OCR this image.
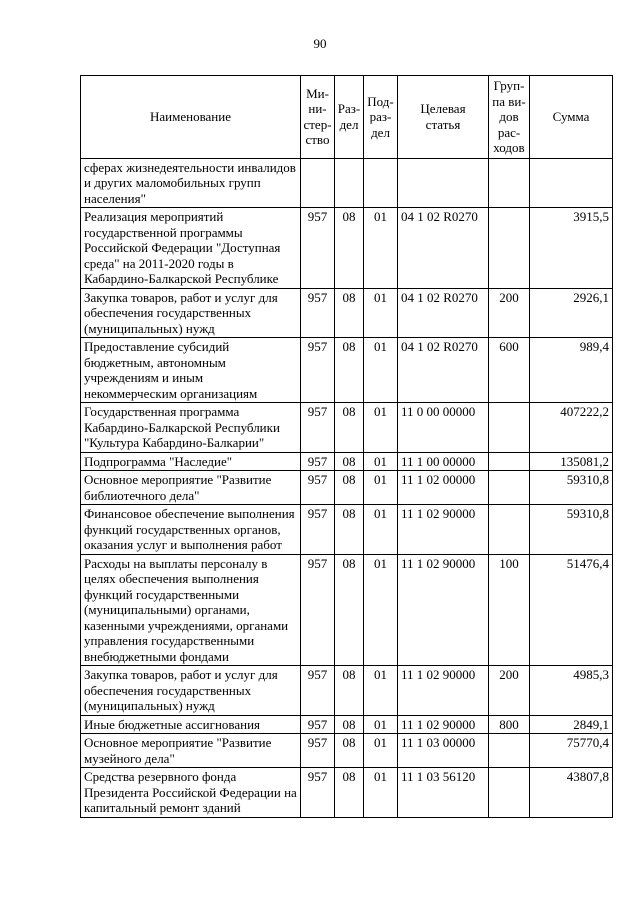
90
Наименование	Ми-
ни-
стер-
ство	Раз-
дел	Под-
раз-
дел	Целевая
статья	Груп-
па ви-
дов
рас-
ходов	Сумма
сферах жизнедеятельности инвалидов и других маломобильных групп населения"						
Реализация мероприятий государственной программы Российской Федерации "Доступная среда" на 2011-2020 годы в Кабардино-Балкарской Республике	957	08	01	04 1 02 R0270		3915,5
Закупка товаров, работ и услуг для обеспечения государственных (муниципальных) нужд	957	08	01	04 1 02 R0270	200	2926,1
Предоставление субсидий бюджетным, автономным учреждениям и иным некоммерческим организациям	957	08	01	04 1 02 R0270	600	989,4
Государственная программа Кабардино-Балкарской Республики "Культура Кабардино-Балкарии"	957	08	01	11 0 00 00000		407222,2
Подпрограмма "Наследие"	957	08	01	11 1 00 00000		135081,2
Основное мероприятие "Развитие библиотечного дела"	957	08	01	11 1 02 00000		59310,8
Финансовое обеспечение выполнения функций государственных органов, оказания услуг и выполнения работ	957	08	01	11 1 02 90000		59310,8
Расходы на выплаты персоналу в целях обеспечения выполнения функций государственными (муниципальными) органами, казенными учреждениями, органами управления государственными внебюджетными фондами	957	08	01	11 1 02 90000	100	51476,4
Закупка товаров, работ и услуг для обеспечения государственных (муниципальных) нужд	957	08	01	11 1 02 90000	200	4985,3
Иные бюджетные ассигнования	957	08	01	11 1 02 90000	800	2849,1
Основное мероприятие "Развитие музейного дела"	957	08	01	11 1 03 00000		75770,4
Средства резервного фонда Президента Российской Федерации на капитальный ремонт зданий	957	08	01	11 1 03 56120		43807,8
